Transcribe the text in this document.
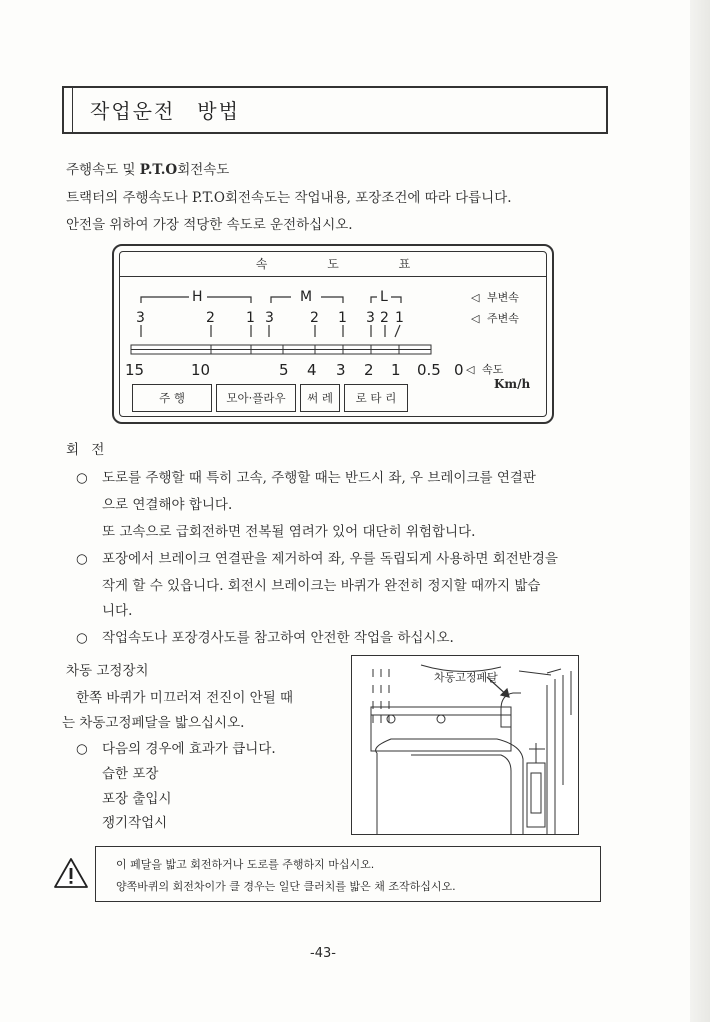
작업운전 방법
주행속도 및 P.T.O회전속도
트랙터의 주행속도나 P.T.O회전속도는 작업내용, 포장조건에 따라 다릅니다.
안전을 위하여 가장 적당한 속도로 운전하십시오.
속 도 표
H	M	L
3	2 1 3	2 1 3 2 1
15	10	5 4 3 2 1 0.5 0
◁ 부변속
◁ 주변속
◁ 속도
Km/h
주 행	모아·플라우	써 레	로 타 리
회 전
○ 도로를 주행할 때 특히 고속, 주행할 때는 반드시 좌, 우 브레이크를 연결판
으로 연결해야 합니다.
또 고속으로 급회전하면 전복될 염려가 있어 대단히 위험합니다.
○ 포장에서 브레이크 연결판을 제거하여 좌, 우를 독립되게 사용하면 회전반경을
작게 할 수 있읍니다. 회전시 브레이크는 바퀴가 완전히 정지할 때까지 밟습
니다.
○ 작업속도나 포장경사도를 참고하여 안전한 작업을 하십시오.
차동 고정장치
한쪽 바퀴가 미끄러져 전진이 안될 때
는 차동고정페달을 밟으십시오.
○ 다음의 경우에 효과가 큽니다.
습한 포장
포장 출입시
쟁기작업시
차동고정페달
이 페달을 밟고 회전하거나 도로를 주행하지 마십시오.
양쪽바퀴의 회전차이가 클 경우는 일단 클러치를 밟은 채 조작하십시오.
-43-
